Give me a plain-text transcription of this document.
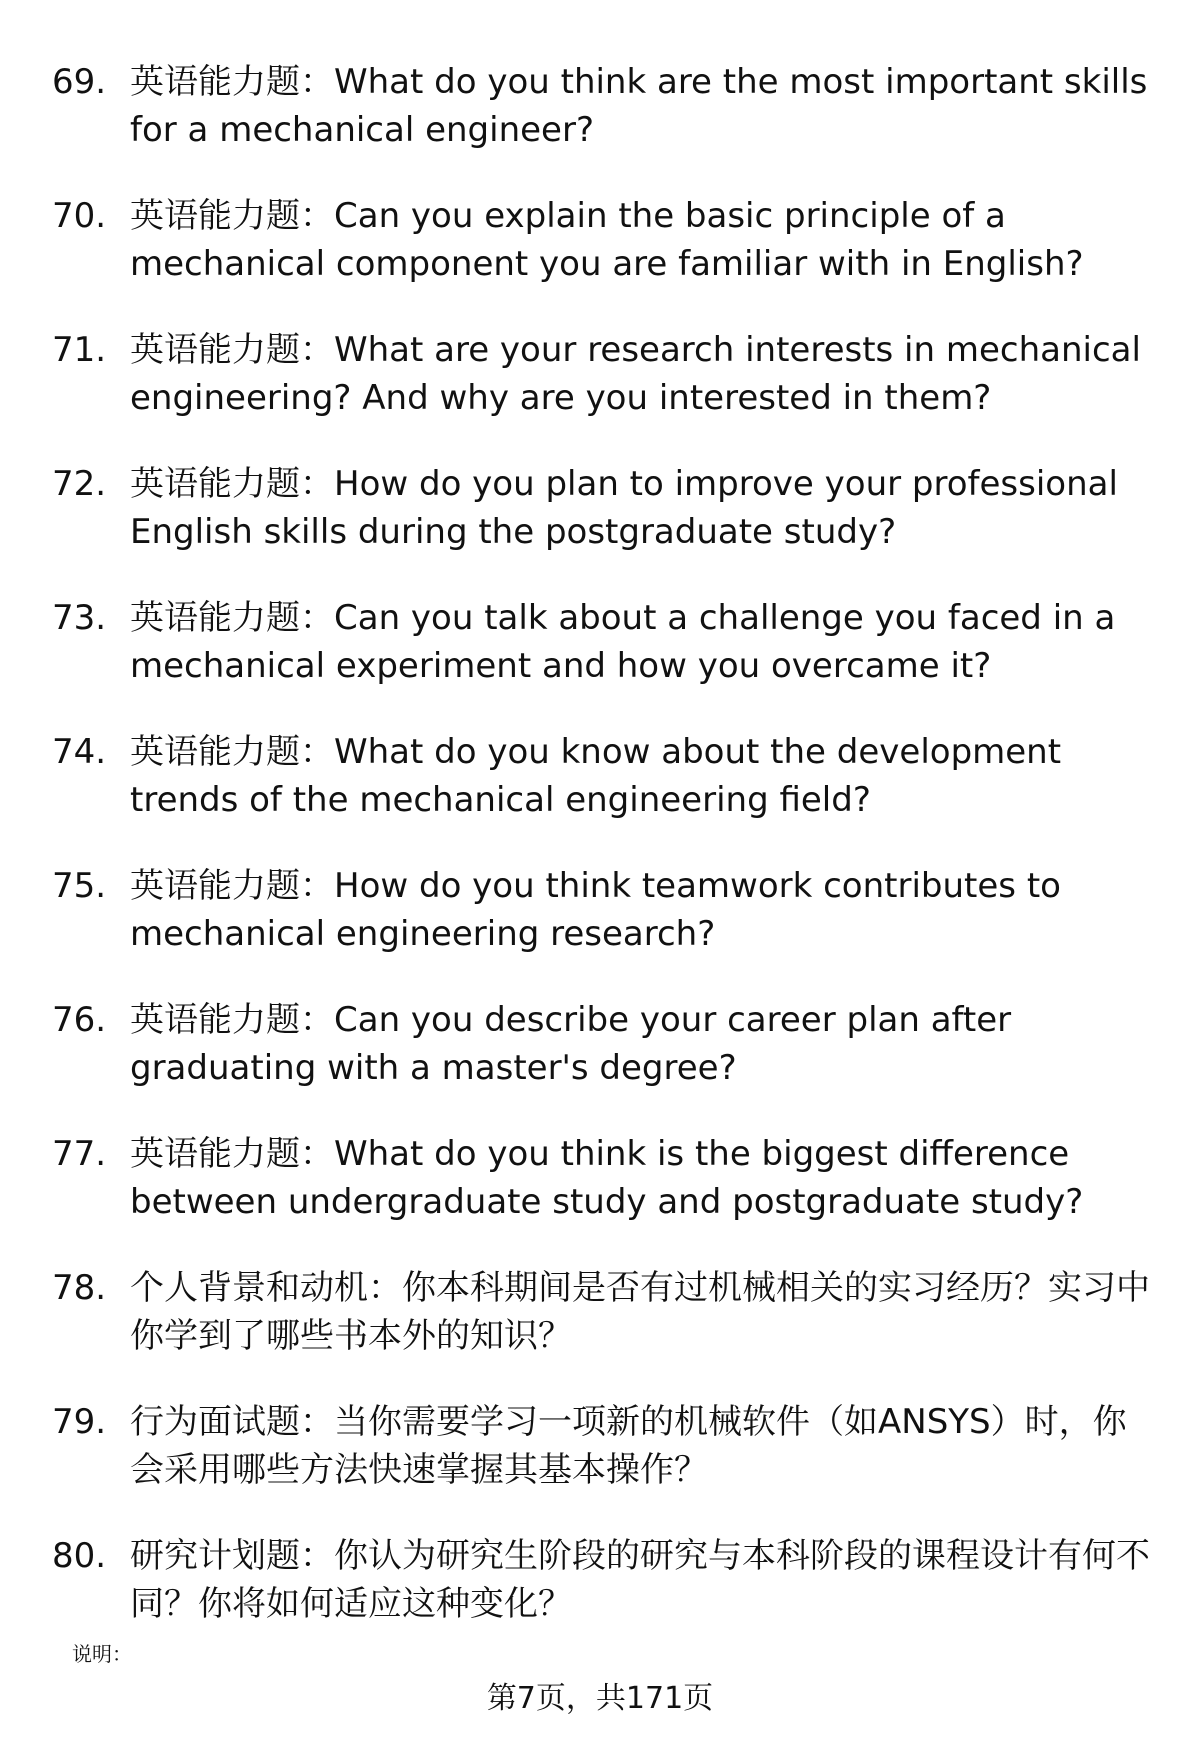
69. 英语能力题：What do you think are the most important skills for a mechanical engineer?
70. 英语能力题：Can you explain the basic principle of a mechanical component you are familiar with in English?
71. 英语能力题：What are your research interests in mechanical engineering? And why are you interested in them?
72. 英语能力题：How do you plan to improve your professional English skills during the postgraduate study?
73. 英语能力题：Can you talk about a challenge you faced in a mechanical experiment and how you overcame it?
74. 英语能力题：What do you know about the development trends of the mechanical engineering field?
75. 英语能力题：How do you think teamwork contributes to mechanical engineering research?
76. 英语能力题：Can you describe your career plan after graduating with a master's degree?
77. 英语能力题：What do you think is the biggest difference between undergraduate study and postgraduate study?
78. 个人背景和动机：你本科期间是否有过机械相关的实习经历？实习中你学到了哪些书本外的知识？
79. 行为面试题：当你需要学习一项新的机械软件（如ANSYS）时，你会采用哪些方法快速掌握其基本操作？
80. 研究计划题：你认为研究生阶段的研究与本科阶段的课程设计有何不同？你将如何适应这种变化？
说明：
第7页，共171页
